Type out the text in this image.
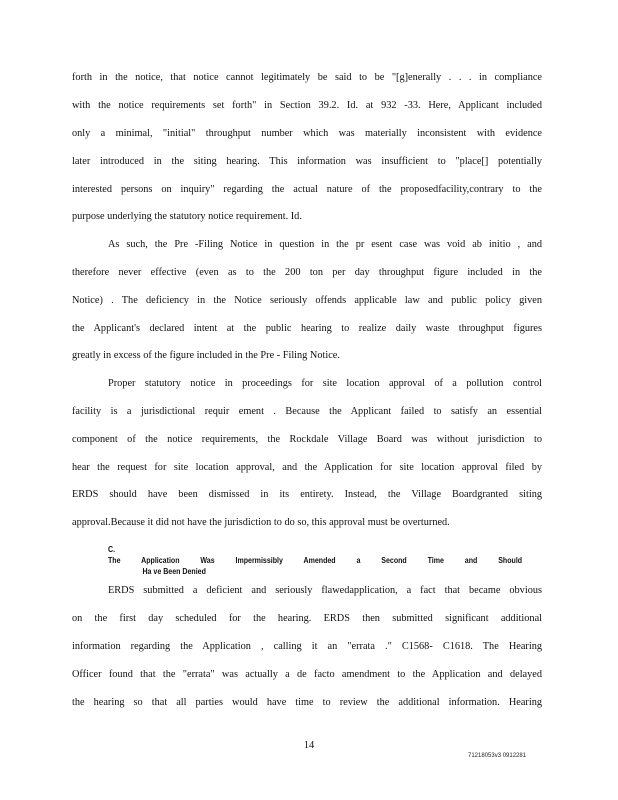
forth in the notice, that notice cannot legitimately be said to be "[g]enerally . . . in compliance
with the notice requirements set forth" in Section 39.2. Id. at 932 -33. Here, Applicant included
only a minimal, "initial" throughput number which was materially inconsistent with evidence
later introduced in the siting hearing. This information was insufficient to "place[] potentially
interested persons on inquiry" regarding the actual nature of the proposedfacility,contrary to the
purpose underlying the statutory notice requirement. Id.
As such, the Pre -Filing Notice in question in the pr esent case was void ab initio , and
therefore never effective (even as to the 200 ton per day throughput figure included in the
Notice) . The deficiency in the Notice seriously offends applicable law and public policy given
the Applicant's declared intent at the public hearing to realize daily waste throughput figures
greatly in excess of the figure included in the Pre - Filing Notice.
Proper statutory notice in proceedings for site location approval of a pollution control
facility is a jurisdictional requir ement . Because the Applicant failed to satisfy an essential
component of the notice requirements, the Rockdale Village Board was without jurisdiction to
hear the request for site location approval, and the Application for site location approval filed by
ERDS should have been dismissed in its entirety. Instead, the Village Boardgranted siting
approval.Because it did not have the jurisdiction to do so, this approval must be overturned.
C.The Application Was Impermissibly Amended a Second Time and Should
Ha ve Been Denied
ERDS submitted a deficient and seriously flawedapplication, a fact that became obvious
on the first day scheduled for the hearing. ERDS then submitted significant additional
information regarding the Application , calling it an "errata ." C1568- C1618. The Hearing
Officer found that the "errata" was actually a de facto amendment to the Application and delayed
the hearing so that all parties would have time to review the additional information. Hearing
14
71218053v3 0912281
